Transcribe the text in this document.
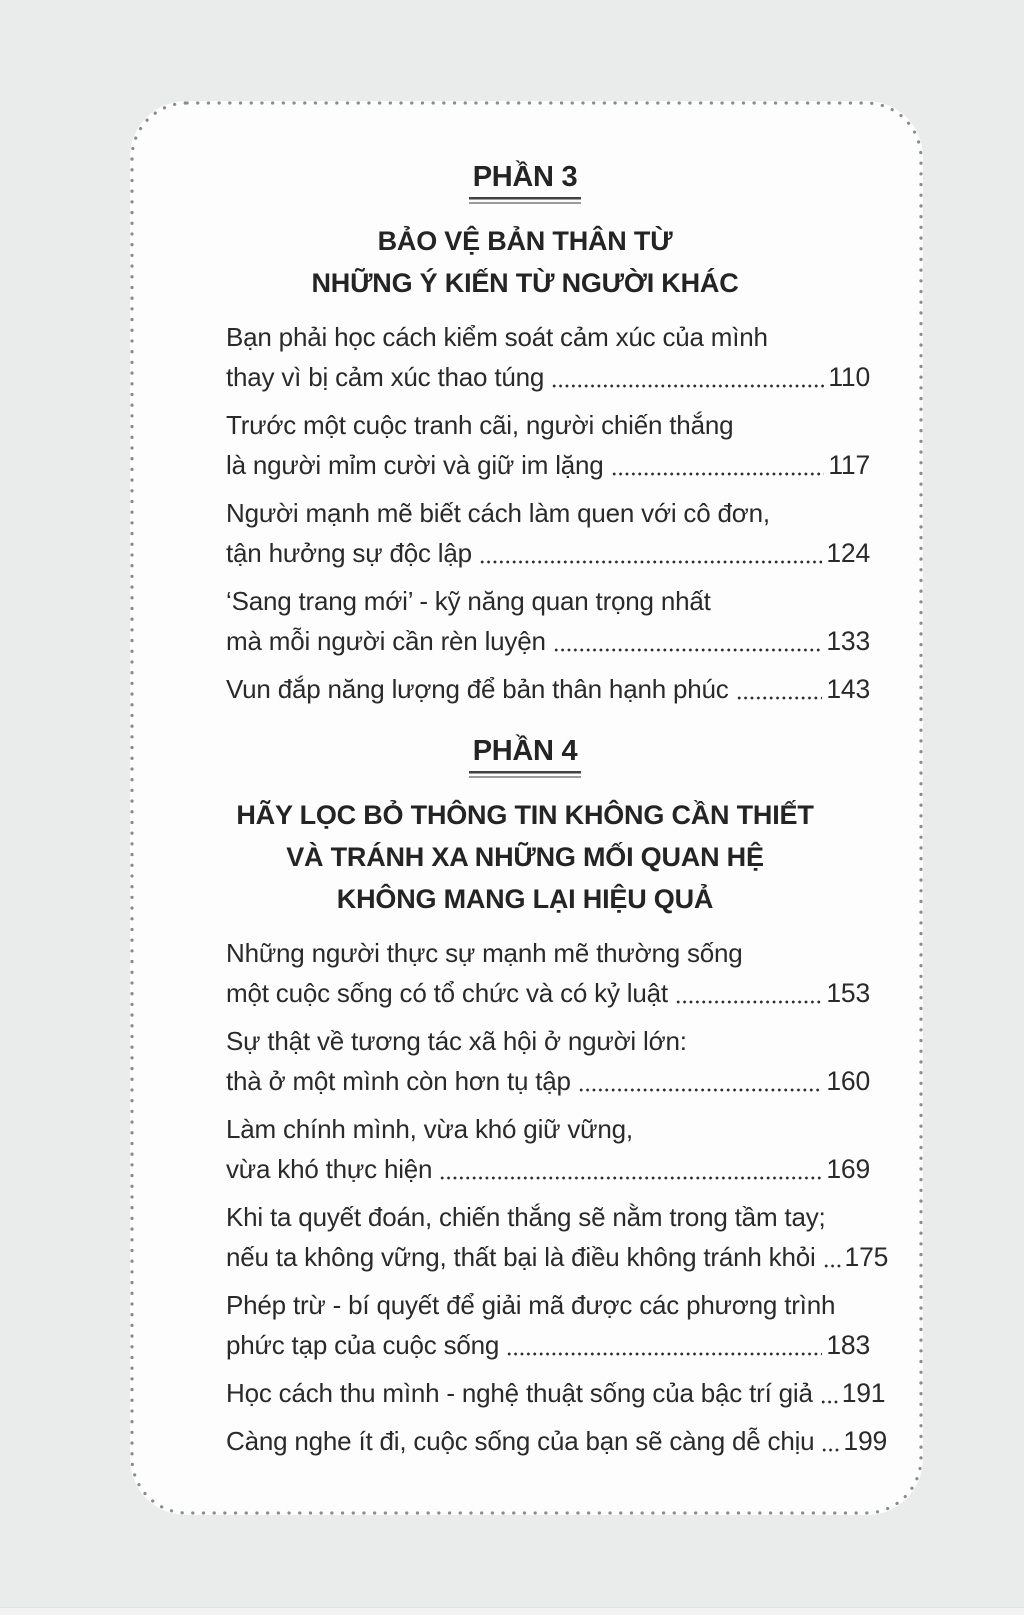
PHẦN 3
BẢO VỆ BẢN THÂN TỪ
NHỮNG Ý KIẾN TỪ NGƯỜI KHÁC
Bạn phải học cách kiểm soát cảm xúc của mình
thay vì bị cảm xúc thao túng	110
Trước một cuộc tranh cãi, người chiến thắng
là người mỉm cười và giữ im lặng	117
Người mạnh mẽ biết cách làm quen với cô đơn,
tận hưởng sự độc lập	124
‘Sang trang mới’ - kỹ năng quan trọng nhất
mà mỗi người cần rèn luyện	133
Vun đắp năng lượng để bản thân hạnh phúc	143
PHẦN 4
HÃY LỌC BỎ THÔNG TIN KHÔNG CẦN THIẾT
VÀ TRÁNH XA NHỮNG MỐI QUAN HỆ
KHÔNG MANG LẠI HIỆU QUẢ
Những người thực sự mạnh mẽ thường sống
một cuộc sống có tổ chức và có kỷ luật	153
Sự thật về tương tác xã hội ở người lớn:
thà ở một mình còn hơn tụ tập	160
Làm chính mình, vừa khó giữ vững,
vừa khó thực hiện	169
Khi ta quyết đoán, chiến thắng sẽ nằm trong tầm tay;
nếu ta không vững, thất bại là điều không tránh khỏi 175
Phép trừ - bí quyết để giải mã được các phương trình
phức tạp của cuộc sống	183
Học cách thu mình - nghệ thuật sống của bậc trí giả 191
Càng nghe ít đi, cuộc sống của bạn sẽ càng dễ chịu 199
